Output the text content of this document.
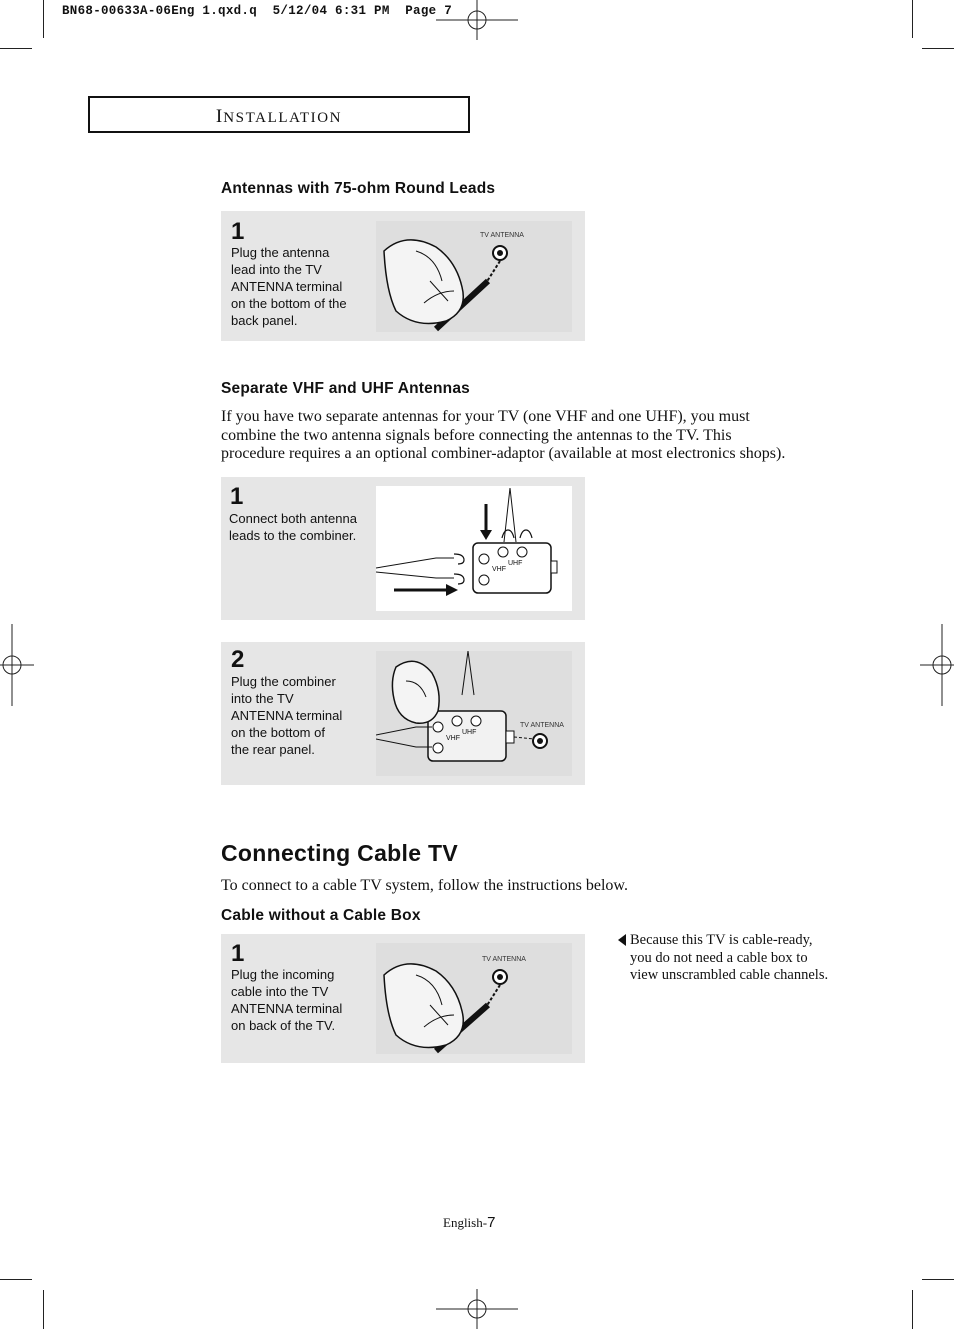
BN68-00633A-06Eng 1.qxd.q  5/12/04 6:31 PM  Page 7
INSTALLATION
Antennas with 75-ohm Round Leads
1
Plug the antenna
lead into the TV
ANTENNA terminal
on the bottom of the
back panel.
TV ANTENNA
Separate VHF and UHF Antennas
If you have two separate antennas for your TV (one VHF and one UHF), you must
combine the two antenna signals before connecting the antennas to the TV. This
procedure requires a an optional combiner-adaptor (available at most electronics shops).
1
Connect both antenna
leads to the combiner.
VHF
UHF
2
Plug the combiner
into the TV
ANTENNA terminal
on the bottom of
the rear panel.
VHF
UHF
TV ANTENNA
Connecting Cable TV
To connect to a cable TV system, follow the instructions below.
Cable without a Cable Box
1
Plug the incoming
cable into the TV
ANTENNA terminal
on back of the TV.
TV ANTENNA
Because this TV is cable-ready,
you do not need a cable box to
view unscrambled cable channels.
English-7
